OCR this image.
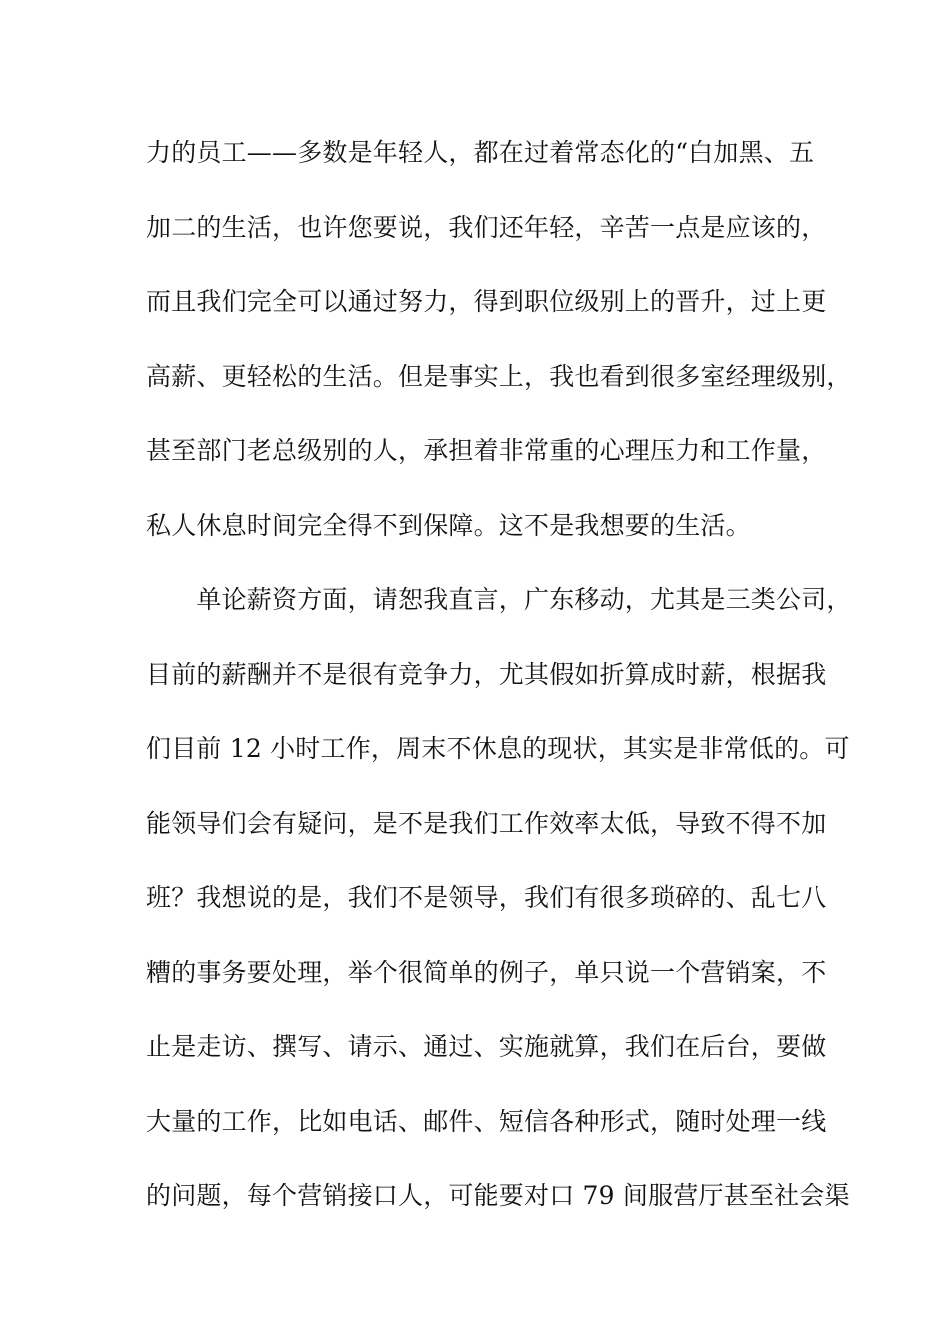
力的员工——多数是年轻人，都在过着常态化的“白加黑、五
加二的生活，也许您要说，我们还年轻，辛苦一点是应该的，
而且我们完全可以通过努力，得到职位级别上的晋升，过上更
高薪、更轻松的生活。但是事实上，我也看到很多室经理级别，
甚至部门老总级别的人，承担着非常重的心理压力和工作量，
私人休息时间完全得不到保障。这不是我想要的生活。
　　单论薪资方面，请恕我直言，广东移动，尤其是三类公司，
目前的薪酬并不是很有竞争力，尤其假如折算成时薪，根据我
们目前 12 小时工作，周末不休息的现状，其实是非常低的。可
能领导们会有疑问，是不是我们工作效率太低，导致不得不加
班？我想说的是，我们不是领导，我们有很多琐碎的、乱七八
糟的事务要处理，举个很简单的例子，单只说一个营销案，不
止是走访、撰写、请示、通过、实施就算，我们在后台，要做
大量的工作，比如电话、邮件、短信各种形式，随时处理一线
的问题，每个营销接口人，可能要对口 79 间服营厅甚至社会渠
